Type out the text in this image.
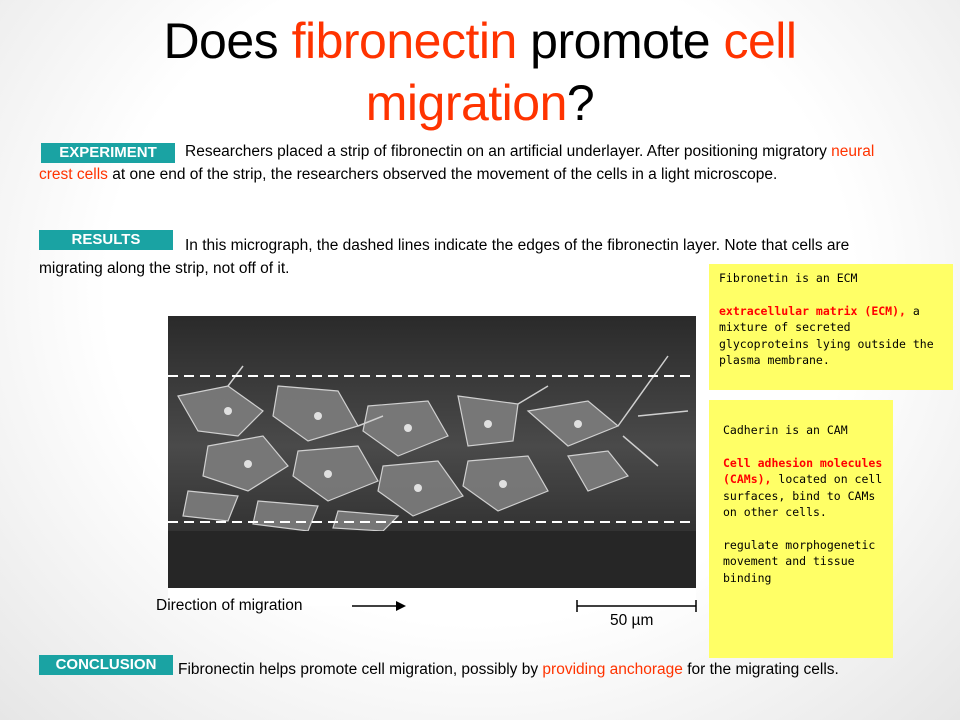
Does fibronectin promote cell
migration?
EXPERIMENT	Researchers placed a strip of fibronectin on an artificial underlayer. After positioning migratory neural crest cells at one end of the strip, the researchers observed the movement of the cells in a light microscope.
RESULTS	In this micrograph, the dashed lines indicate the edges of the fibronectin layer. Note that cells are migrating along the strip, not off of it.
Fibronetin is an ECM
extracellular matrix (ECM), a mixture of secreted glycoproteins lying outside the plasma membrane.
Cadherin is an CAM
Cell adhesion molecules (CAMs), located on cell surfaces, bind to CAMs on other cells.
regulate morphogenetic movement and tissue binding
Direction of migration
50 µm
CONCLUSION	Fibronectin helps promote cell migration, possibly by providing anchorage for the migrating cells.
